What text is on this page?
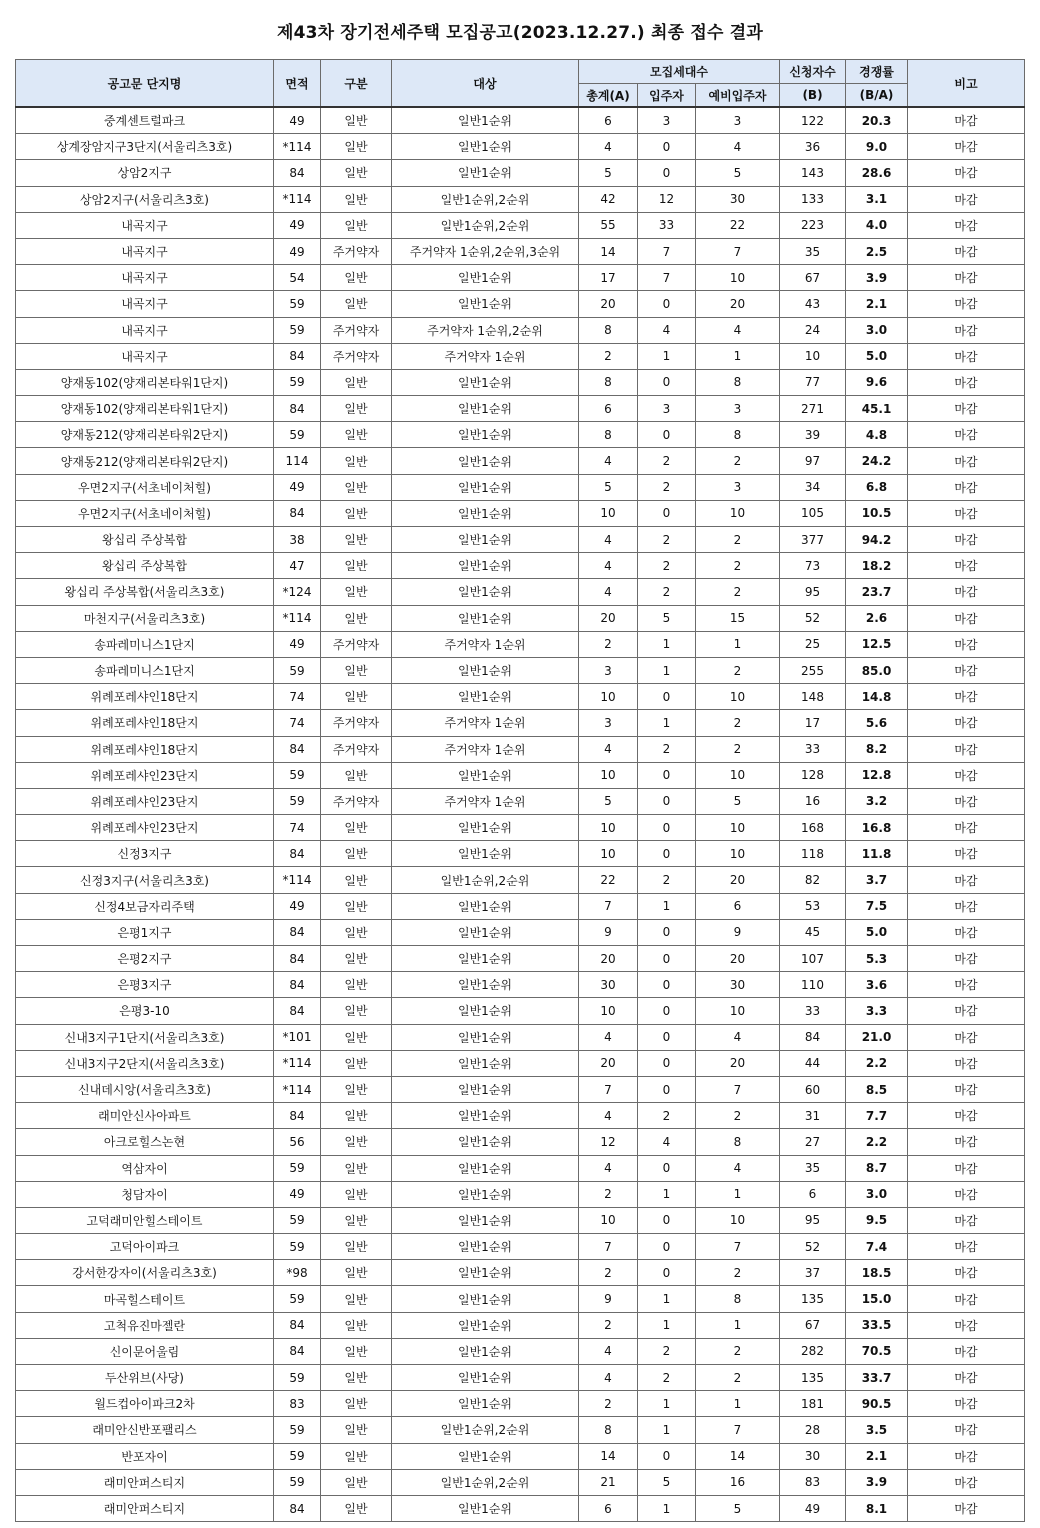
제43차 장기전세주택 모집공고(2023.12.27.) 최종 접수 결과
공고문 단지명	면적	구분	대상	모집세대수			신청자수	경쟁률	비고
				총계(A)	입주자	예비입주자	(B)	(B/A)	
중계센트럴파크	49	일반	일반1순위	6	3	3	122	20.3	마감
상계장암지구3단지(서울리츠3호)	*114	일반	일반1순위	4	0	4	36	9.0	마감
상암2지구	84	일반	일반1순위	5	0	5	143	28.6	마감
상암2지구(서울리츠3호)	*114	일반	일반1순위,2순위	42	12	30	133	3.1	마감
내곡지구	49	일반	일반1순위,2순위	55	33	22	223	4.0	마감
내곡지구	49	주거약자	주거약자 1순위,2순위,3순위	14	7	7	35	2.5	마감
내곡지구	54	일반	일반1순위	17	7	10	67	3.9	마감
내곡지구	59	일반	일반1순위	20	0	20	43	2.1	마감
내곡지구	59	주거약자	주거약자 1순위,2순위	8	4	4	24	3.0	마감
내곡지구	84	주거약자	주거약자 1순위	2	1	1	10	5.0	마감
양재동102(양재리본타워1단지)	59	일반	일반1순위	8	0	8	77	9.6	마감
양재동102(양재리본타워1단지)	84	일반	일반1순위	6	3	3	271	45.1	마감
양재동212(양재리본타워2단지)	59	일반	일반1순위	8	0	8	39	4.8	마감
양재동212(양재리본타워2단지)	114	일반	일반1순위	4	2	2	97	24.2	마감
우면2지구(서초네이처힐)	49	일반	일반1순위	5	2	3	34	6.8	마감
우면2지구(서초네이처힐)	84	일반	일반1순위	10	0	10	105	10.5	마감
왕십리 주상복합	38	일반	일반1순위	4	2	2	377	94.2	마감
왕십리 주상복합	47	일반	일반1순위	4	2	2	73	18.2	마감
왕십리 주상복합(서울리츠3호)	*124	일반	일반1순위	4	2	2	95	23.7	마감
마천지구(서울리츠3호)	*114	일반	일반1순위	20	5	15	52	2.6	마감
송파레미니스1단지	49	주거약자	주거약자 1순위	2	1	1	25	12.5	마감
송파레미니스1단지	59	일반	일반1순위	3	1	2	255	85.0	마감
위례포레샤인18단지	74	일반	일반1순위	10	0	10	148	14.8	마감
위례포레샤인18단지	74	주거약자	주거약자 1순위	3	1	2	17	5.6	마감
위례포레샤인18단지	84	주거약자	주거약자 1순위	4	2	2	33	8.2	마감
위례포레샤인23단지	59	일반	일반1순위	10	0	10	128	12.8	마감
위례포레샤인23단지	59	주거약자	주거약자 1순위	5	0	5	16	3.2	마감
위례포레샤인23단지	74	일반	일반1순위	10	0	10	168	16.8	마감
신정3지구	84	일반	일반1순위	10	0	10	118	11.8	마감
신정3지구(서울리츠3호)	*114	일반	일반1순위,2순위	22	2	20	82	3.7	마감
신정4보금자리주택	49	일반	일반1순위	7	1	6	53	7.5	마감
은평1지구	84	일반	일반1순위	9	0	9	45	5.0	마감
은평2지구	84	일반	일반1순위	20	0	20	107	5.3	마감
은평3지구	84	일반	일반1순위	30	0	30	110	3.6	마감
은평3-10	84	일반	일반1순위	10	0	10	33	3.3	마감
신내3지구1단지(서울리츠3호)	*101	일반	일반1순위	4	0	4	84	21.0	마감
신내3지구2단지(서울리츠3호)	*114	일반	일반1순위	20	0	20	44	2.2	마감
신내데시앙(서울리츠3호)	*114	일반	일반1순위	7	0	7	60	8.5	마감
래미안신사아파트	84	일반	일반1순위	4	2	2	31	7.7	마감
아크로힐스논현	56	일반	일반1순위	12	4	8	27	2.2	마감
역삼자이	59	일반	일반1순위	4	0	4	35	8.7	마감
청담자이	49	일반	일반1순위	2	1	1	6	3.0	마감
고덕래미안힐스테이트	59	일반	일반1순위	10	0	10	95	9.5	마감
고덕아이파크	59	일반	일반1순위	7	0	7	52	7.4	마감
강서한강자이(서울리츠3호)	*98	일반	일반1순위	2	0	2	37	18.5	마감
마곡힐스테이트	59	일반	일반1순위	9	1	8	135	15.0	마감
고척유진마젤란	84	일반	일반1순위	2	1	1	67	33.5	마감
신이문어울림	84	일반	일반1순위	4	2	2	282	70.5	마감
두산위브(사당)	59	일반	일반1순위	4	2	2	135	33.7	마감
월드컵아이파크2차	83	일반	일반1순위	2	1	1	181	90.5	마감
래미안신반포팰리스	59	일반	일반1순위,2순위	8	1	7	28	3.5	마감
반포자이	59	일반	일반1순위	14	0	14	30	2.1	마감
래미안퍼스티지	59	일반	일반1순위,2순위	21	5	16	83	3.9	마감
래미안퍼스티지	84	일반	일반1순위	6	1	5	49	8.1	마감
